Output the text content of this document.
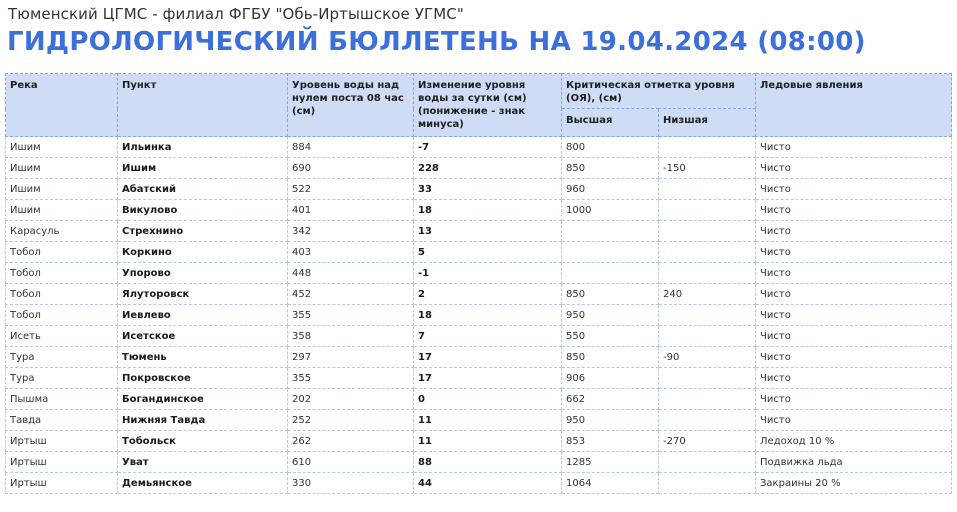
Тюменский ЦГМС - филиал ФГБУ "Обь-Иртышское УГМС"
ГИДРОЛОГИЧЕСКИЙ БЮЛЛЕТЕНЬ НА 19.04.2024 (08:00)
Река	Пункт	Уровень воды над нулем поста 08 час (см)	Изменение уровня воды за сутки (см) (понижение - знак минуса)	Критическая отметка уровня (ОЯ), (см)		Ледовые явления
				Высшая	Низшая	
Ишим	Ильинка	884	-7	800		Чисто
Ишим	Ишим	690	228	850	-150	Чисто
Ишим	Абатский	522	33	960		Чисто
Ишим	Викулово	401	18	1000		Чисто
Карасуль	Стрехнино	342	13			Чисто
Тобол	Коркино	403	5			Чисто
Тобол	Упорово	448	-1			Чисто
Тобол	Ялуторовск	452	2	850	240	Чисто
Тобол	Иевлево	355	18	950		Чисто
Исеть	Исетское	358	7	550		Чисто
Тура	Тюмень	297	17	850	-90	Чисто
Тура	Покровское	355	17	906		Чисто
Пышма	Богандинское	202	0	662		Чисто
Тавда	Нижняя Тавда	252	11	950		Чисто
Иртыш	Тобольск	262	11	853	-270	Ледоход 10 %
Иртыш	Уват	610	88	1285		Подвижка льда
Иртыш	Демьянское	330	44	1064		Закраины 20 %
